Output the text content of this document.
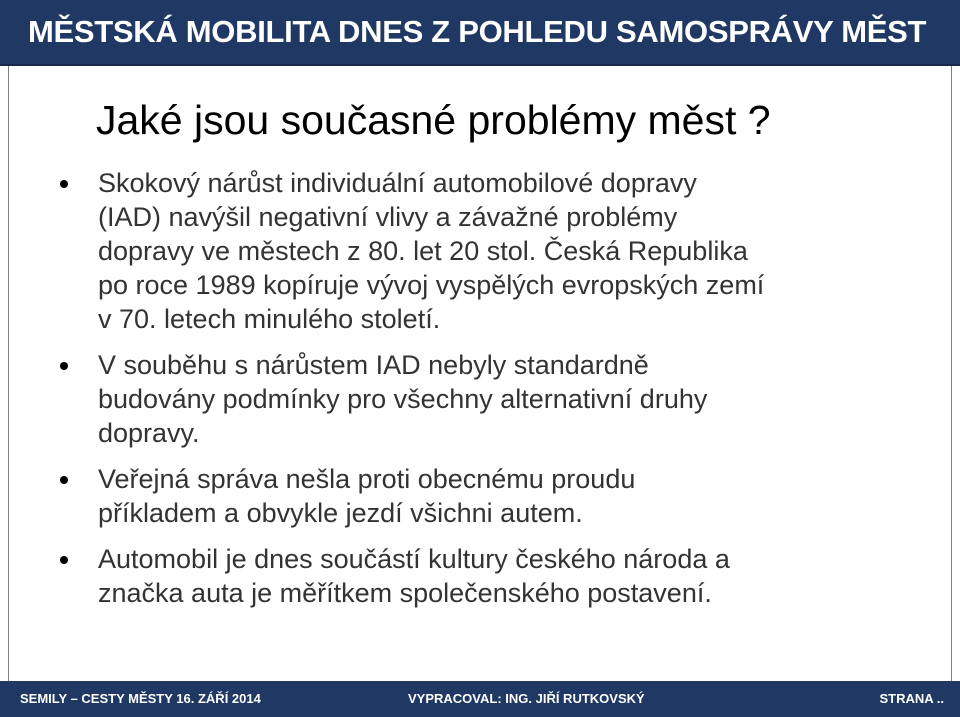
MĚSTSKÁ MOBILITA DNES Z POHLEDU SAMOSPRÁVY MĚST
Jaké jsou současné problémy měst ?
Skokový nárůst individuální automobilové dopravy
(IAD) navýšil negativní vlivy a závažné problémy
dopravy ve městech z 80. let 20 stol. Česká Republika
po roce 1989 kopíruje vývoj vyspělých evropských zemí
v 70. letech minulého století.
V souběhu s nárůstem IAD nebyly standardně
budovány podmínky pro všechny alternativní druhy
dopravy.
Veřejná správa nešla proti obecnému proudu
příkladem a obvykle jezdí všichni autem.
Automobil je dnes součástí kultury českého národa a
značka auta je měřítkem společenského postavení.
SEMILY – CESTY MĚSTY 16. ZÁŘÍ 2014	VYPRACOVAL: ING. JIŘÍ RUTKOVSKÝ	STRANA ..
